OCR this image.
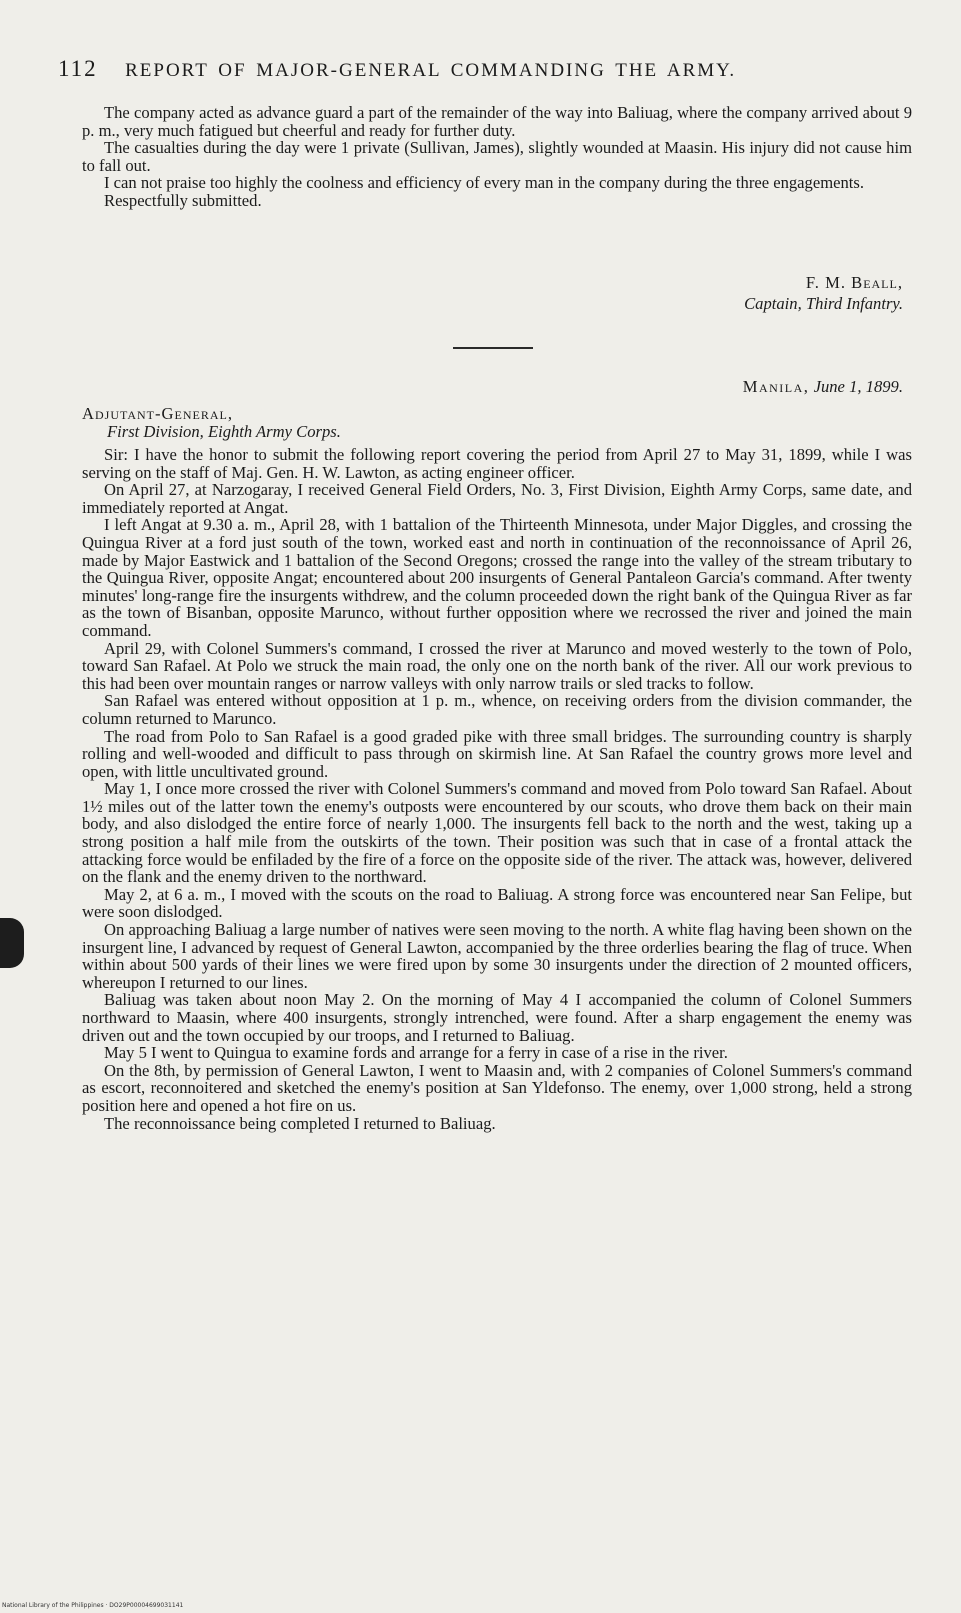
112 REPORT OF MAJOR-GENERAL COMMANDING THE ARMY.

The company acted as advance guard a part of the remainder of the way into Baliuag, where the company arrived about 9 p. m., very much fatigued but cheerful and ready for further duty.

The casualties during the day were 1 private (Sullivan, James), slightly wounded at Maasin. His injury did not cause him to fall out.

I can not praise too highly the coolness and efficiency of every man in the company during the three engagements.

Respectfully submitted.

F. M. Beall,
Captain, Third Infantry.
Manila, June 1, 1899.
Adjutant-General,
First Division, Eighth Army Corps.

Sir: I have the honor to submit the following report covering the period from April 27 to May 31, 1899, while I was serving on the staff of Maj. Gen. H. W. Lawton, as acting engineer officer.

On April 27, at Narzogaray, I received General Field Orders, No. 3, First Division, Eighth Army Corps, same date, and immediately reported at Angat.

I left Angat at 9.30 a. m., April 28, with 1 battalion of the Thirteenth Minnesota, under Major Diggles, and crossing the Quingua River at a ford just south of the town, worked east and north in continuation of the reconnoissance of April 26, made by Major Eastwick and 1 battalion of the Second Oregons; crossed the range into the valley of the stream tributary to the Quingua River, opposite Angat; encountered about 200 insurgents of General Pantaleon Garcia's command. After twenty minutes' long-range fire the insurgents withdrew, and the column proceeded down the right bank of the Quingua River as far as the town of Bisanban, opposite Marunco, without further opposition where we recrossed the river and joined the main command.

April 29, with Colonel Summers's command, I crossed the river at Marunco and moved westerly to the town of Polo, toward San Rafael. At Polo we struck the main road, the only one on the north bank of the river. All our work previous to this had been over mountain ranges or narrow valleys with only narrow trails or sled tracks to follow.

San Rafael was entered without opposition at 1 p. m., whence, on receiving orders from the division commander, the column returned to Marunco.

The road from Polo to San Rafael is a good graded pike with three small bridges. The surrounding country is sharply rolling and well-wooded and difficult to pass through on skirmish line. At San Rafael the country grows more level and open, with little uncultivated ground.

May 1, I once more crossed the river with Colonel Summers's command and moved from Polo toward San Rafael. About 1½ miles out of the latter town the enemy's outposts were encountered by our scouts, who drove them back on their main body, and also dislodged the entire force of nearly 1,000. The insurgents fell back to the north and the west, taking up a strong position a half mile from the outskirts of the town. Their position was such that in case of a frontal attack the attacking force would be enfiladed by the fire of a force on the opposite side of the river. The attack was, however, delivered on the flank and the enemy driven to the northward.

May 2, at 6 a. m., I moved with the scouts on the road to Baliuag. A strong force was encountered near San Felipe, but were soon dislodged.

On approaching Baliuag a large number of natives were seen moving to the north. A white flag having been shown on the insurgent line, I advanced by request of General Lawton, accompanied by the three orderlies bearing the flag of truce. When within about 500 yards of their lines we were fired upon by some 30 insurgents under the direction of 2 mounted officers, whereupon I returned to our lines.

Baliuag was taken about noon May 2. On the morning of May 4 I accompanied the column of Colonel Summers northward to Maasin, where 400 insurgents, strongly intrenched, were found. After a sharp engagement the enemy was driven out and the town occupied by our troops, and I returned to Baliuag.

May 5 I went to Quingua to examine fords and arrange for a ferry in case of a rise in the river.

On the 8th, by permission of General Lawton, I went to Maasin and, with 2 companies of Colonel Summers's command as escort, reconnoitered and sketched the enemy's position at San Yldefonso. The enemy, over 1,000 strong, held a strong position here and opened a hot fire on us.

The reconnoissance being completed I returned to Baliuag.

National Library of the Philippines · DO29P00004699031141
